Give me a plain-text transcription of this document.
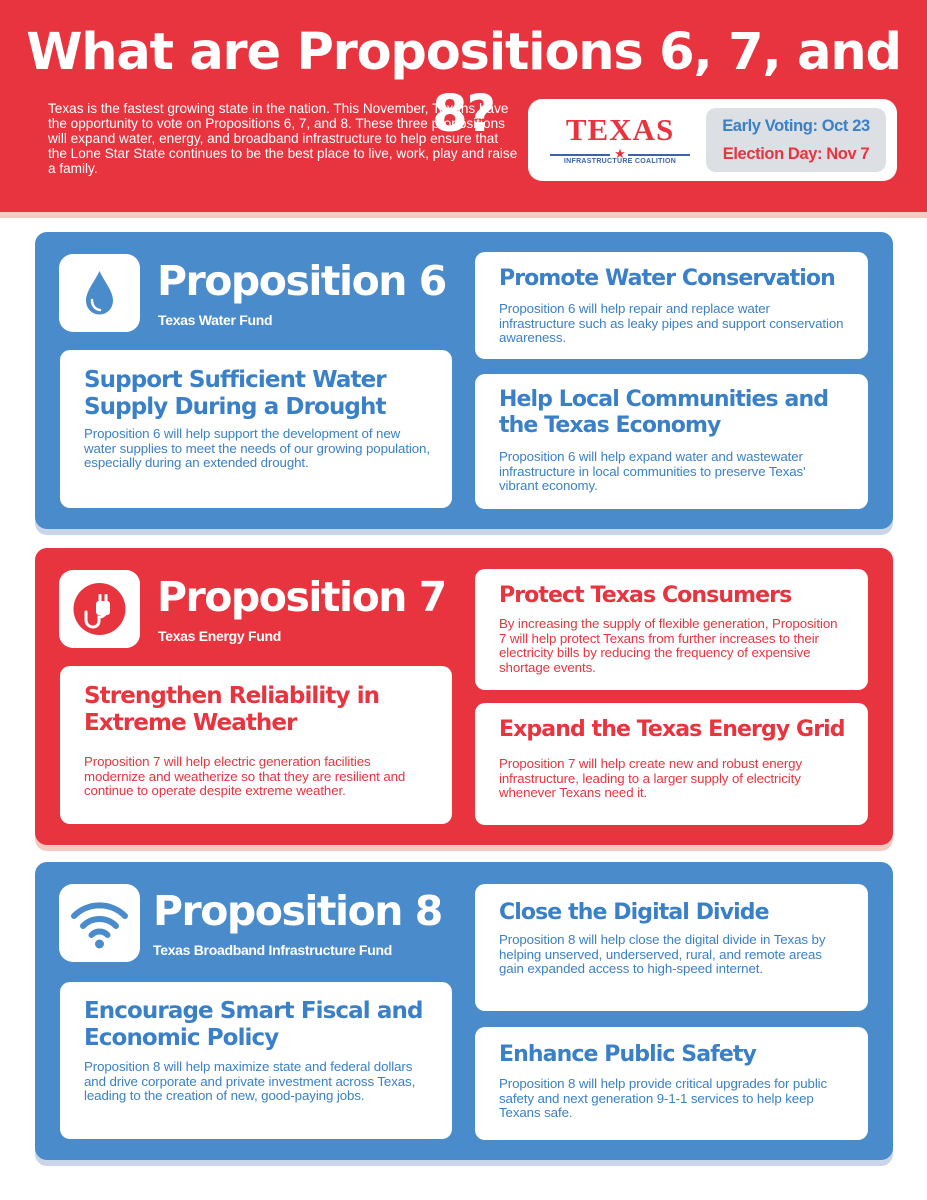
What are Propositions 6, 7, and 8?

Texas is the fastest growing state in the nation. This November, Texans have the opportunity to vote on Propositions 6, 7, and 8. These three propositions will expand water, energy, and broadband infrastructure to help ensure that the Lone Star State continues to be the best place to live, work, play and raise a family.

TEXAS
★
INFRASTRUCTURE COALITION
Early Voting: Oct 23
Election Day: Nov 7
Proposition 6
Texas Water Fund
Support Sufficient Water Supply During a Drought

Proposition 6 will help support the development of new water supplies to meet the needs of our growing population, especially during an extended drought.

Promote Water Conservation

Proposition 6 will help repair and replace water infrastructure such as leaky pipes and support conservation awareness.

Help Local Communities and the Texas Economy

Proposition 6 will help expand water and wastewater infrastructure in local communities to preserve Texas' vibrant economy.

Proposition 7
Texas Energy Fund
Strengthen Reliability in Extreme Weather

Proposition 7 will help electric generation facilities modernize and weatherize so that they are resilient and continue to operate despite extreme weather.

Protect Texas Consumers

By increasing the supply of flexible generation, Proposition 7 will help protect Texans from further increases to their electricity bills by reducing the frequency of expensive shortage events.

Expand the Texas Energy Grid

Proposition 7 will help create new and robust energy infrastructure, leading to a larger supply of electricity whenever Texans need it.

Proposition 8
Texas Broadband Infrastructure Fund
Encourage Smart Fiscal and Economic Policy

Proposition 8 will help maximize state and federal dollars and drive corporate and private investment across Texas, leading to the creation of new, good-paying jobs.

Close the Digital Divide

Proposition 8 will help close the digital divide in Texas by helping unserved, underserved, rural, and remote areas gain expanded access to high-speed internet.

Enhance Public Safety

Proposition 8 will help provide critical upgrades for public safety and next generation 9-1-1 services to help keep Texans safe.
